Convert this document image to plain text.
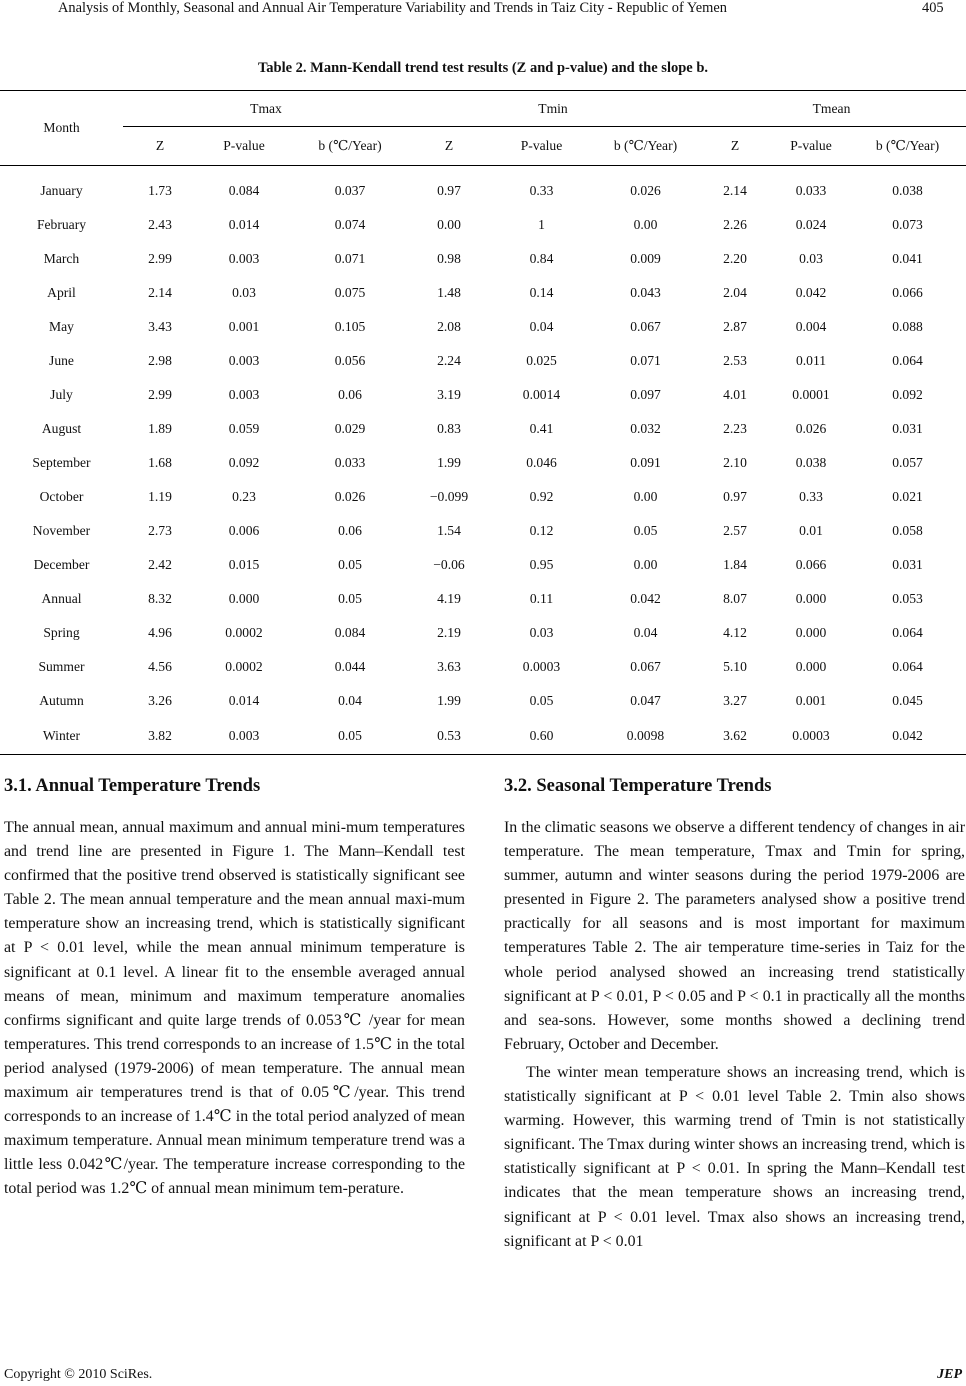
Analysis of Monthly, Seasonal and Annual Air Temperature Variability and Trends in Taiz City - Republic of Yemen	405
Table 2. Mann-Kendall trend test results (Z and p-value) and the slope b.

Month	Tmax			Tmin			Tmean		
	Z	P-value	b (℃/Year)	Z	P-value	b (℃/Year)	Z	P-value	b (℃/Year)
January	1.73	0.084	0.037	0.97	0.33	0.026	2.14	0.033	0.038
February	2.43	0.014	0.074	0.00	1	0.00	2.26	0.024	0.073
March	2.99	0.003	0.071	0.98	0.84	0.009	2.20	0.03	0.041
April	2.14	0.03	0.075	1.48	0.14	0.043	2.04	0.042	0.066
May	3.43	0.001	0.105	2.08	0.04	0.067	2.87	0.004	0.088
June	2.98	0.003	0.056	2.24	0.025	0.071	2.53	0.011	0.064
July	2.99	0.003	0.06	3.19	0.0014	0.097	4.01	0.0001	0.092
August	1.89	0.059	0.029	0.83	0.41	0.032	2.23	0.026	0.031
September	1.68	0.092	0.033	1.99	0.046	0.091	2.10	0.038	0.057
October	1.19	0.23	0.026	−0.099	0.92	0.00	0.97	0.33	0.021
November	2.73	0.006	0.06	1.54	0.12	0.05	2.57	0.01	0.058
December	2.42	0.015	0.05	−0.06	0.95	0.00	1.84	0.066	0.031
Annual	8.32	0.000	0.05	4.19	0.11	0.042	8.07	0.000	0.053
Spring	4.96	0.0002	0.084	2.19	0.03	0.04	4.12	0.000	0.064
Summer	4.56	0.0002	0.044	3.63	0.0003	0.067	5.10	0.000	0.064
Autumn	3.26	0.014	0.04	1.99	0.05	0.047	3.27	0.001	0.045
Winter	3.82	0.003	0.05	0.53	0.60	0.0098	3.62	0.0003	0.042
3.1. Annual Temperature Trends

The annual mean, annual maximum and annual mini-mum temperatures and trend line are presented in Figure 1. The Mann–Kendall test confirmed that the positive trend observed is statistically significant see Table 2. The mean annual temperature and the mean annual maxi-mum temperature show an increasing trend, which is statistically significant at P < 0.01 level, while the mean annual minimum temperature is significant at 0.1 level. A linear fit to the ensemble averaged annual means of mean, minimum and maximum temperature anomalies confirms significant and quite large trends of 0.053℃ /year for mean temperatures. This trend corresponds to an increase of 1.5℃ in the total period analysed (1979-2006) of mean temperature. The annual mean maximum air temperatures trend is that of 0.05℃/year. This trend corresponds to an increase of 1.4℃ in the total period analyzed of mean maximum temperature. Annual mean minimum temperature trend was a little less 0.042℃/year. The temperature increase corresponding to the total period was 1.2℃ of annual mean minimum tem-perature.

3.2. Seasonal Temperature Trends

In the climatic seasons we observe a different tendency of changes in air temperature. The mean temperature, Tmax and Tmin for spring, summer, autumn and winter seasons during the period 1979-2006 are presented in Figure 2. The parameters analysed show a positive trend practically for all seasons and is most important for maximum temperatures Table 2. The air temperature time-series in Taiz for the whole period analysed showed an increasing trend statistically significant at P < 0.01, P < 0.05 and P < 0.1 in practically all the months and sea-sons. However, some months showed a declining trend February, October and December.

The winter mean temperature shows an increasing trend, which is statistically significant at P < 0.01 level Table 2. Tmin also shows warming. However, this warming trend of Tmin is not statistically significant. The Tmax during winter shows an increasing trend, which is statistically significant at P < 0.01. In spring the Mann–Kendall test indicates that the mean temperature shows an increasing trend, significant at P < 0.01 level. Tmax also shows an increasing trend, significant at P < 0.01

Copyright © 2010 SciRes.	JEP
